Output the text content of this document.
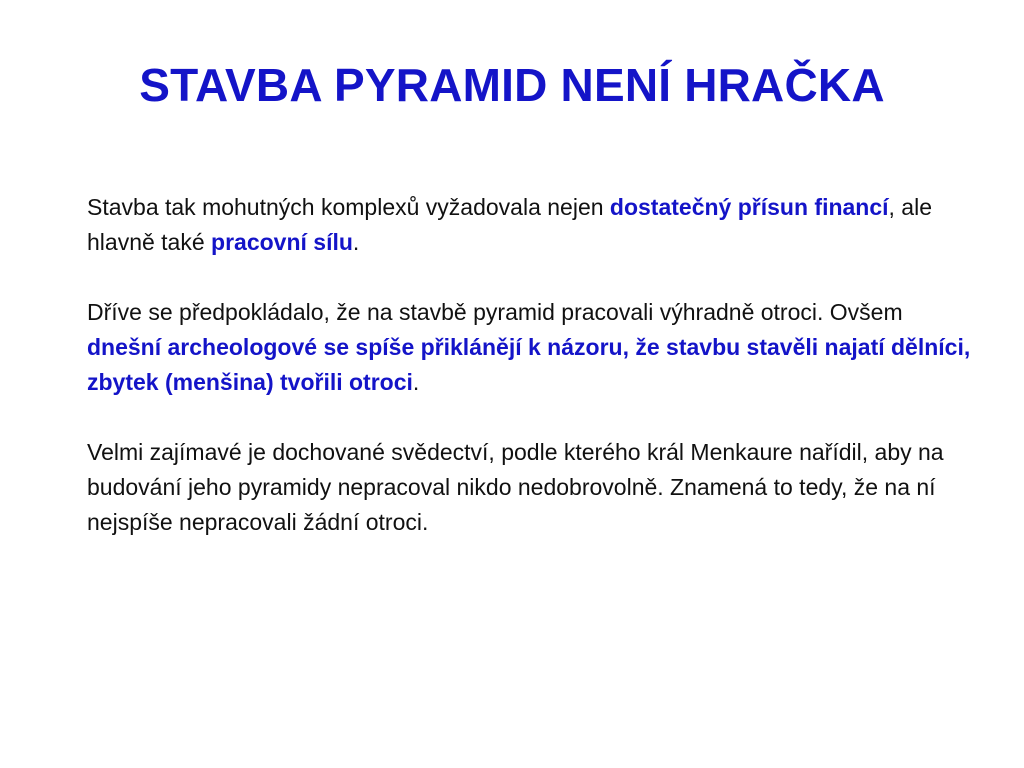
STAVBA PYRAMID NENÍ HRAČKA

Stavba tak mohutných komplexů vyžadovala nejen dostatečný přísun financí, ale hlavně také pracovní sílu.

Dříve se předpokládalo, že na stavbě pyramid pracovali výhradně otroci. Ovšem dnešní archeologové se spíše přiklánějí k názoru, že stavbu stavěli najatí dělníci, zbytek (menšina) tvořili otroci.

Velmi zajímavé je dochované svědectví, podle kterého král Menkaure nařídil, aby na budování jeho pyramidy nepracoval nikdo nedobrovolně. Znamená to tedy, že na ní nejspíše nepracovali žádní otroci.
